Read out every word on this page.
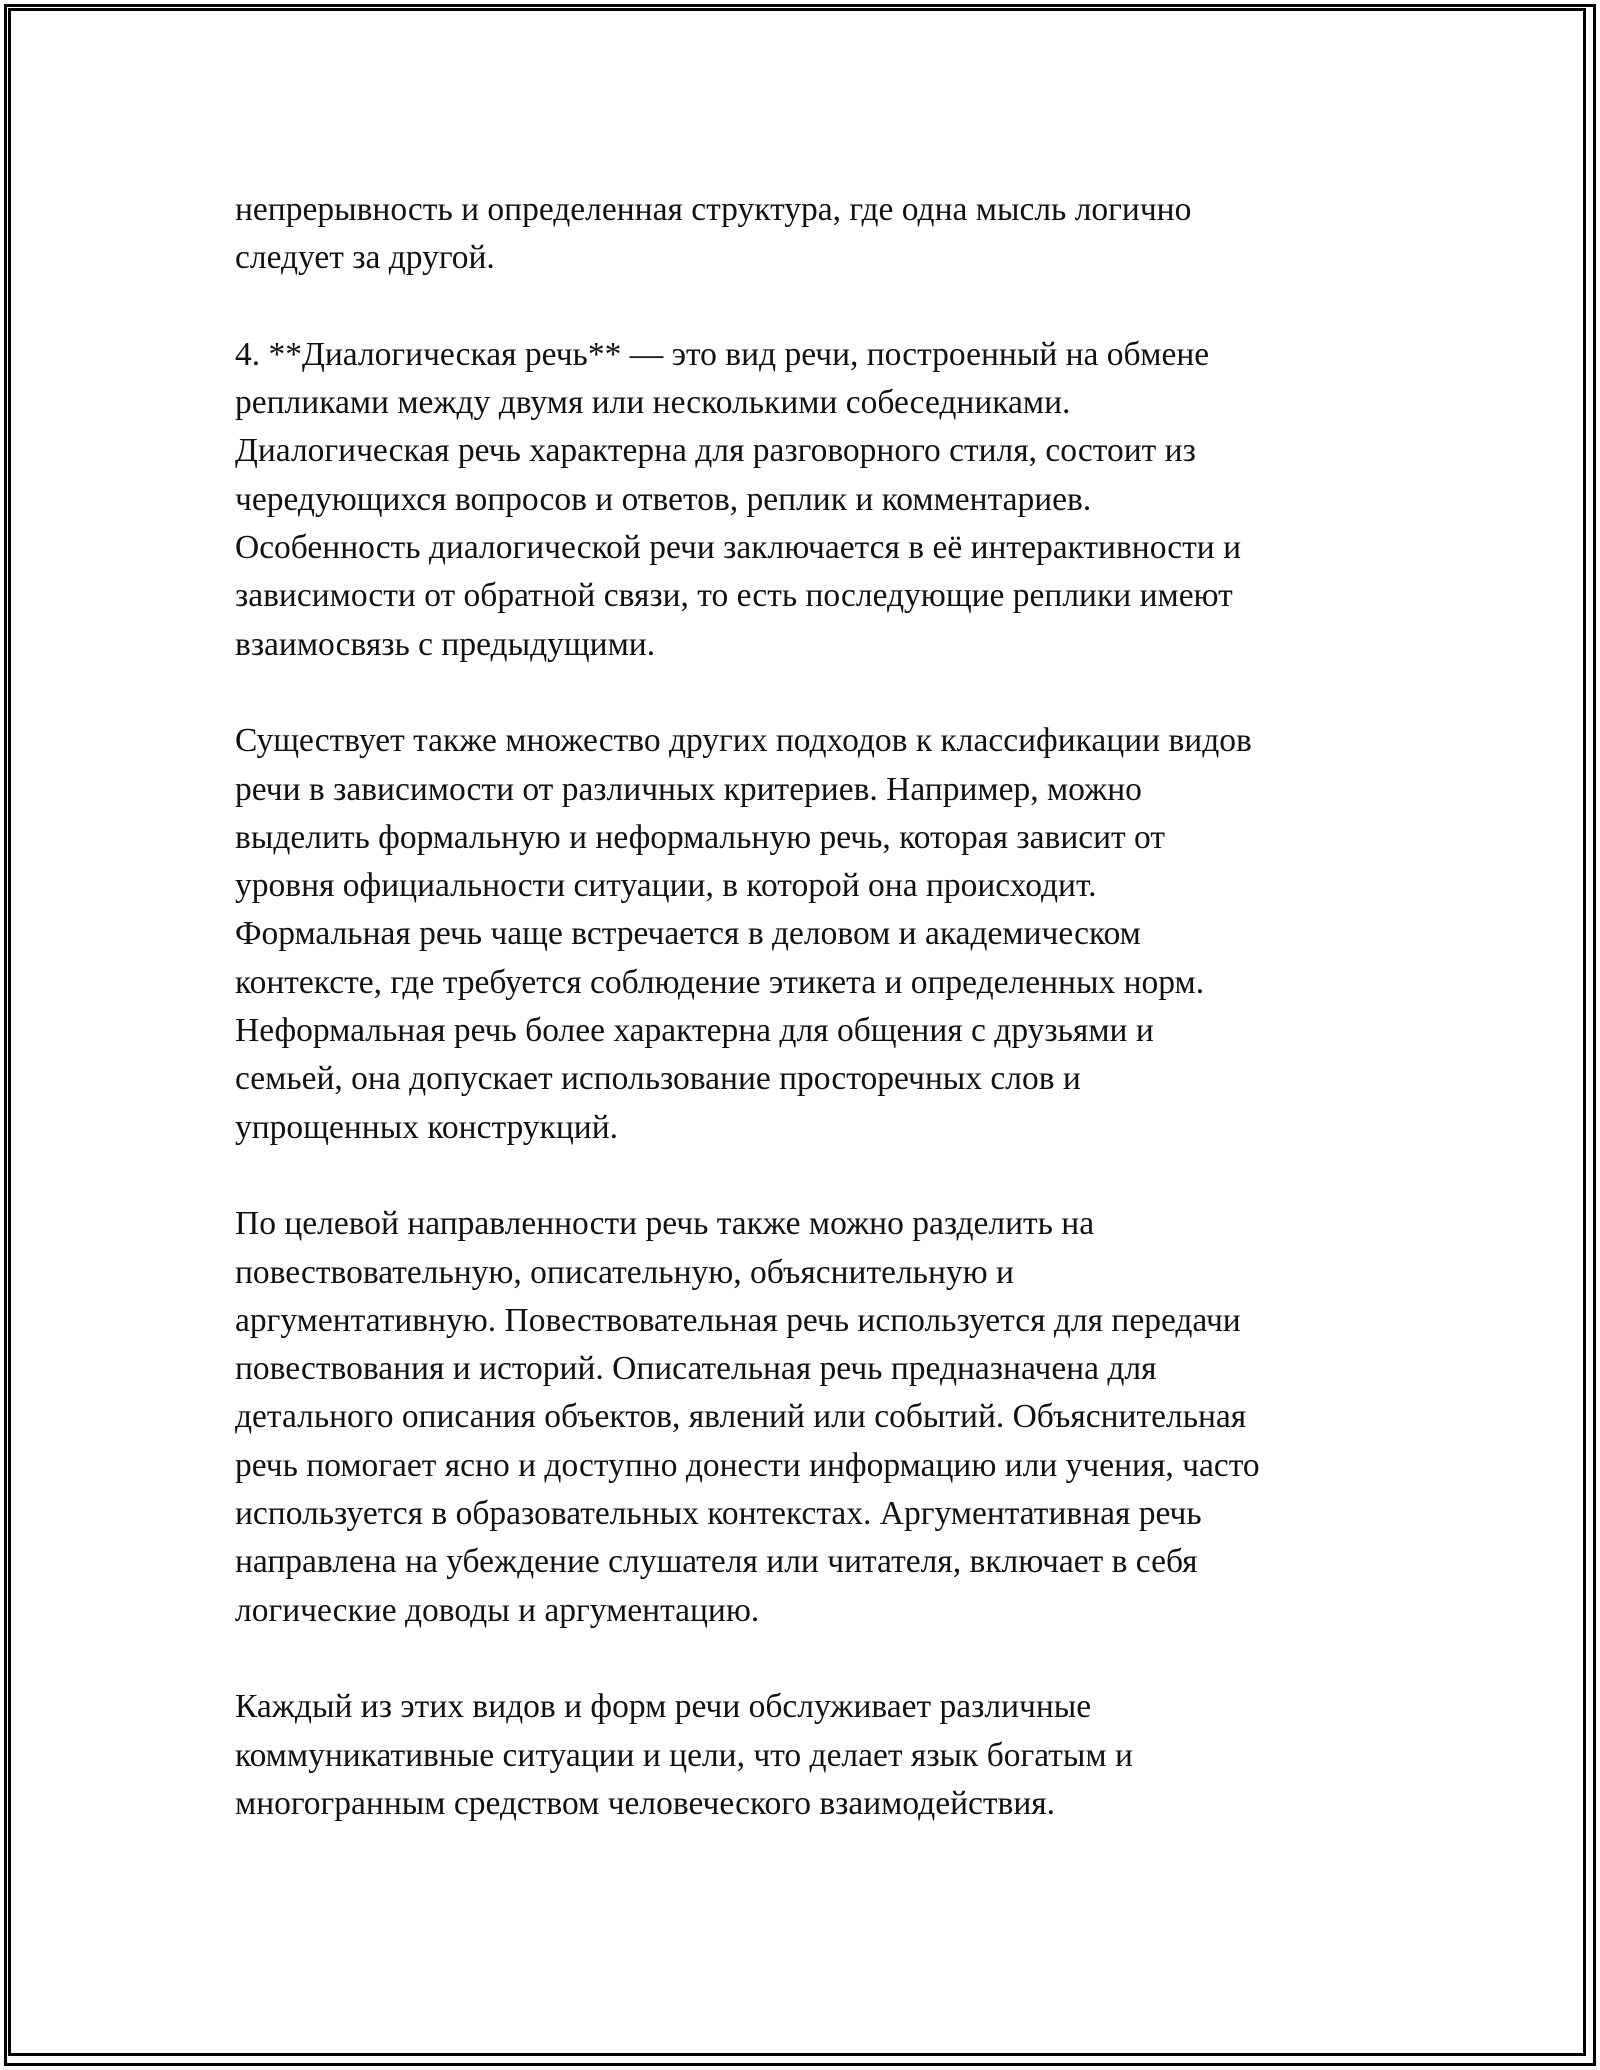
непрерывность и определенная структура, где одна мысль логично
следует за другой.

4. **Диалогическая речь** — это вид речи, построенный на обмене
репликами между двумя или несколькими собеседниками.
Диалогическая речь характерна для разговорного стиля, состоит из
чередующихся вопросов и ответов, реплик и комментариев.
Особенность диалогической речи заключается в её интерактивности и
зависимости от обратной связи, то есть последующие реплики имеют
взаимосвязь с предыдущими.

Существует также множество других подходов к классификации видов
речи в зависимости от различных критериев. Например, можно
выделить формальную и неформальную речь, которая зависит от
уровня официальности ситуации, в которой она происходит.
Формальная речь чаще встречается в деловом и академическом
контексте, где требуется соблюдение этикета и определенных норм.
Неформальная речь более характерна для общения с друзьями и
семьей, она допускает использование просторечных слов и
упрощенных конструкций.

По целевой направленности речь также можно разделить на
повествовательную, описательную, объяснительную и
аргументативную. Повествовательная речь используется для передачи
повествования и историй. Описательная речь предназначена для
детального описания объектов, явлений или событий. Объяснительная
речь помогает ясно и доступно донести информацию или учения, часто
используется в образовательных контекстах. Аргументативная речь
направлена на убеждение слушателя или читателя, включает в себя
логические доводы и аргументацию.

Каждый из этих видов и форм речи обслуживает различные
коммуникативные ситуации и цели, что делает язык богатым и
многогранным средством человеческого взаимодействия.
